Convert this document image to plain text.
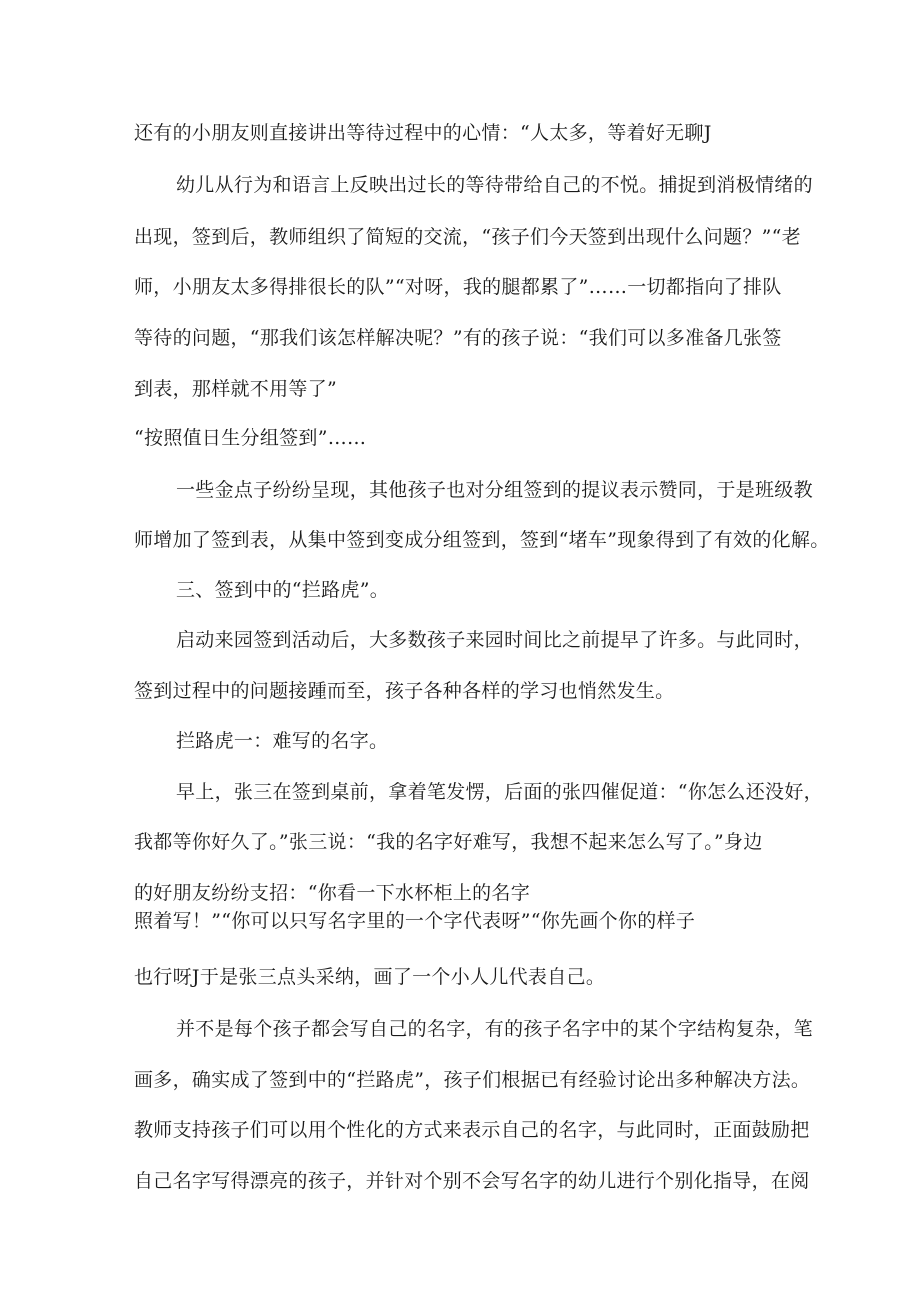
还有的小朋友则直接讲出等待过程中的心情：“人太多，等着好无聊J
幼儿从行为和语言上反映出过长的等待带给自己的不悦。捕捉到消极情绪的
出现，签到后，教师组织了简短的交流，“孩子们今天签到出现什么问题？”“老
师，小朋友太多得排很长的队”“对呀，我的腿都累了”……一切都指向了排队
等待的问题，“那我们该怎样解决呢？”有的孩子说：“我们可以多准备几张签
到表，那样就不用等了”
“按照值日生分组签到”……
一些金点子纷纷呈现，其他孩子也对分组签到的提议表示赞同，于是班级教
师增加了签到表，从集中签到变成分组签到，签到“堵车”现象得到了有效的化解。
三、签到中的“拦路虎”。
启动来园签到活动后，大多数孩子来园时间比之前提早了许多。与此同时，
签到过程中的问题接踵而至，孩子各种各样的学习也悄然发生。
拦路虎一：难写的名字。
早上，张三在签到桌前，拿着笔发愣，后面的张四催促道：“你怎么还没好，
我都等你好久了。”张三说：“我的名字好难写，我想不起来怎么写了。”身边
的好朋友纷纷支招：“你看一下水杯柜上的名字
照着写！”“你可以只写名字里的一个字代表呀”“你先画个你的样子
也行呀J于是张三点头采纳，画了一个小人儿代表自己。
并不是每个孩子都会写自己的名字，有的孩子名字中的某个字结构复杂，笔
画多，确实成了签到中的“拦路虎”，孩子们根据已有经验讨论出多种解决方法。
教师支持孩子们可以用个性化的方式来表示自己的名字，与此同时，正面鼓励把
自己名字写得漂亮的孩子，并针对个别不会写名字的幼儿进行个别化指导，在阅
